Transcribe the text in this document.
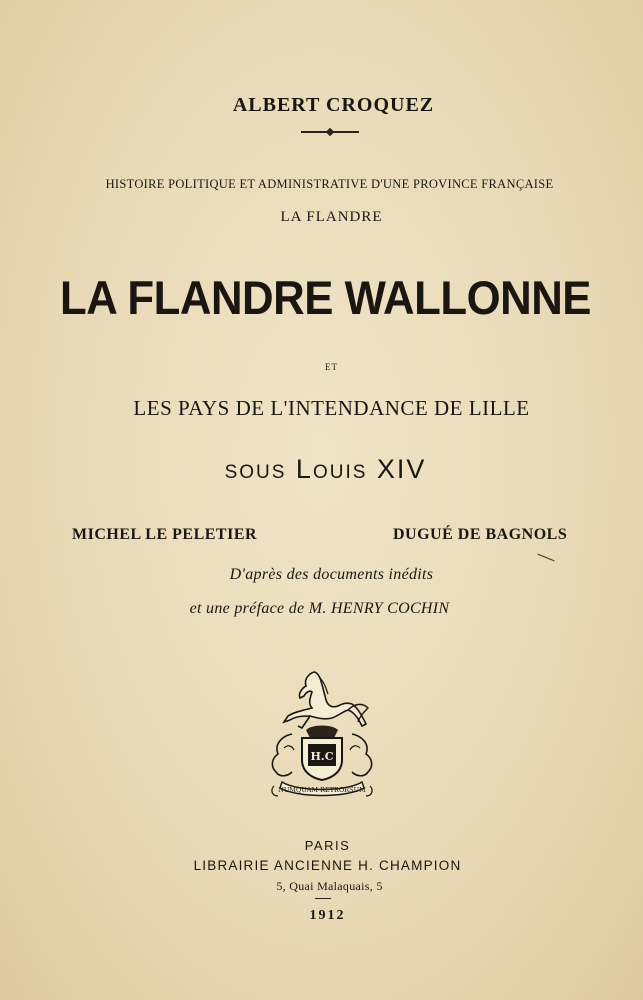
ALBERT CROQUEZ
HISTOIRE POLITIQUE ET ADMINISTRATIVE D'UNE PROVINCE FRANÇAISE
LA FLANDRE
LA FLANDRE WALLONNE
ET
LES PAYS DE L'INTENDANCE DE LILLE
sous Louis XIV
MICHEL LE PELETIER	DUGUÉ DE BAGNOLS
D'après des documents inédits
et une préface de M. HENRY COCHIN
H.C
NUMQUAM RETRORSUM
PARIS
LIBRAIRIE ANCIENNE H. CHAMPION
5, Quai Malaquais, 5
1912
